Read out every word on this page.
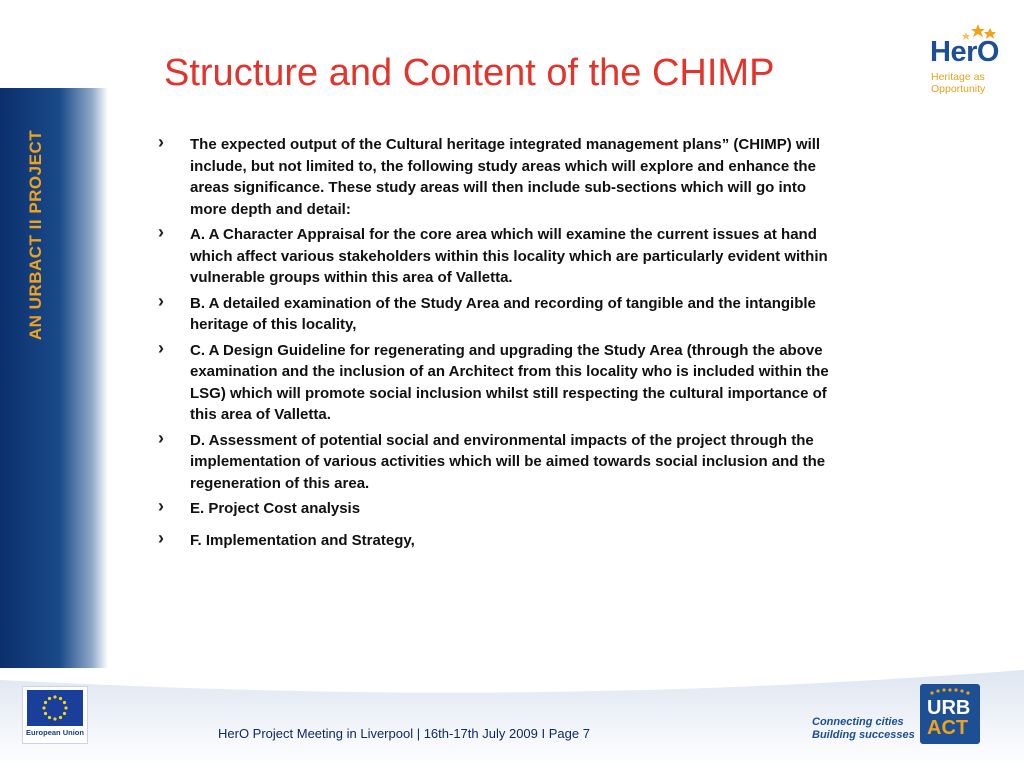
AN URBACT II PROJECT
Structure and Content of the CHIMP
› The expected output of the Cultural heritage integrated management plans” (CHIMP) will include, but not limited to, the following study areas which will explore and enhance the areas significance. These study areas will then include sub-sections which will go into more depth and detail:
› A. A Character Appraisal for the core area which will examine the current issues at hand which affect various stakeholders within this locality which are particularly evident within vulnerable groups within this area of Valletta.
› B. A detailed examination of the Study Area and recording of tangible and the intangible heritage of this locality,
› C. A Design Guideline for regenerating and upgrading the Study Area (through the above examination and the inclusion of an Architect from this locality who is included within the LSG) which will promote social inclusion whilst still respecting the cultural importance of this area of Valletta.
› D. Assessment of potential social and environmental impacts of the project through the implementation of various activities which will be aimed towards social inclusion and the regeneration of this area.
› E. Project Cost analysis
› F. Implementation and Strategy,
HerO
Heritage as
Opportunity
European Union	HerO Project Meeting in Liverpool | 16th-17th July 2009 I Page 7
Connecting cities
Building successes
URB
ACT
